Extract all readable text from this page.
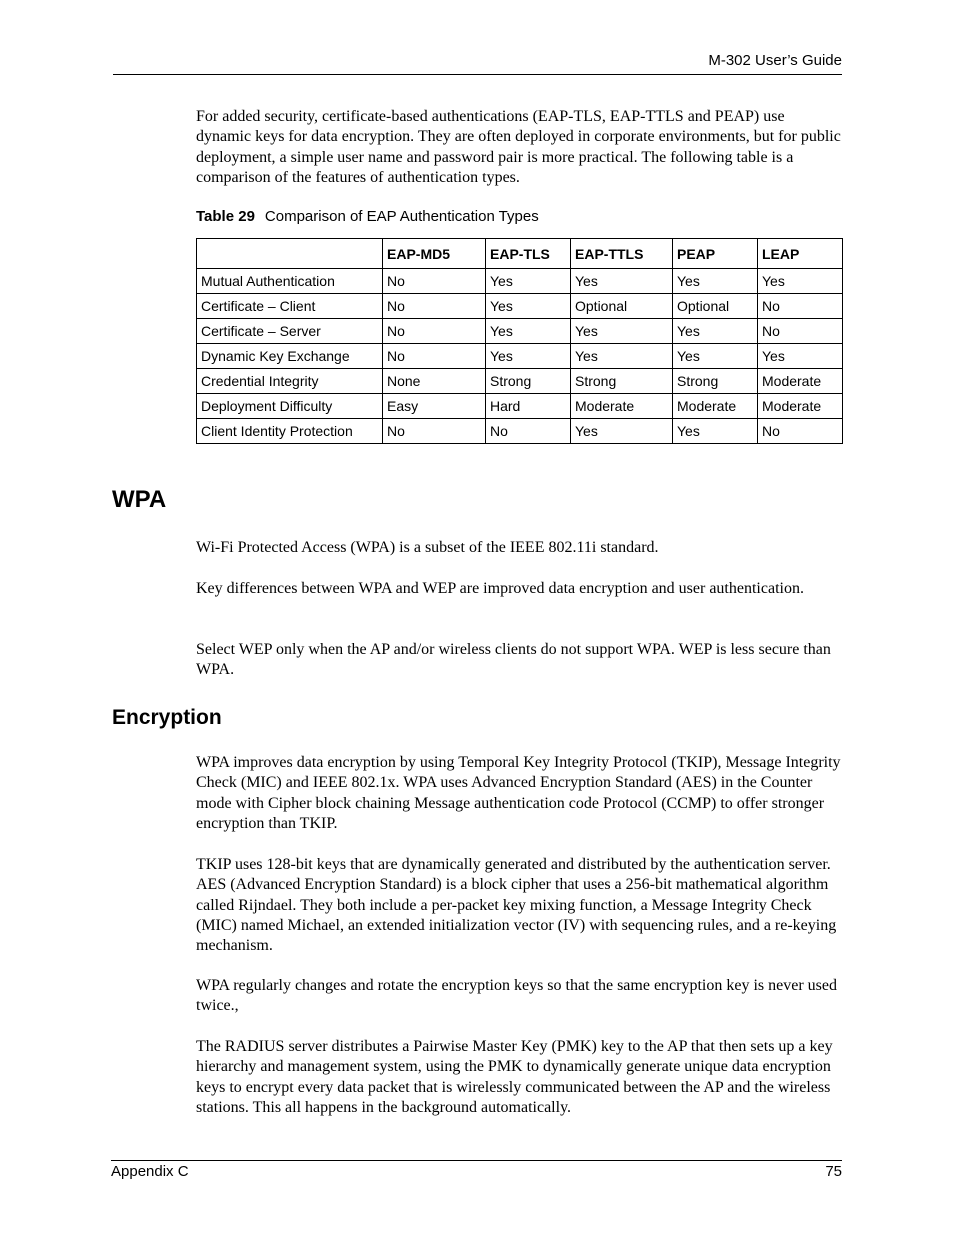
M-302 User’s Guide

For added security, certificate-based authentications (EAP-TLS, EAP-TTLS and PEAP) use dynamic keys for data encryption. They are often deployed in corporate environments, but for public deployment, a simple user name and password pair is more practical. The following table is a comparison of the features of authentication types.

Table 29 Comparison of EAP Authentication Types
	EAP-MD5	EAP-TLS	EAP-TTLS	PEAP	LEAP
Mutual Authentication	No	Yes	Yes	Yes	Yes
Certificate – Client	No	Yes	Optional	Optional	No
Certificate – Server	No	Yes	Yes	Yes	No
Dynamic Key Exchange	No	Yes	Yes	Yes	Yes
Credential Integrity	None	Strong	Strong	Strong	Moderate
Deployment Difficulty	Easy	Hard	Moderate	Moderate	Moderate
Client Identity Protection	No	No	Yes	Yes	No
WPA

Wi-Fi Protected Access (WPA) is a subset of the IEEE 802.11i standard.

Key differences between WPA and WEP are improved data encryption and user authentication.

Select WEP only when the AP and/or wireless clients do not support WPA. WEP is less secure than WPA.

Encryption

WPA improves data encryption by using Temporal Key Integrity Protocol (TKIP), Message Integrity Check (MIC) and IEEE 802.1x. WPA uses Advanced Encryption Standard (AES) in the Counter mode with Cipher block chaining Message authentication code Protocol (CCMP) to offer stronger encryption than TKIP.

TKIP uses 128-bit keys that are dynamically generated and distributed by the authentication server. AES (Advanced Encryption Standard) is a block cipher that uses a 256-bit mathematical algorithm called Rijndael. They both include a per-packet key mixing function, a Message Integrity Check (MIC) named Michael, an extended initialization vector (IV) with sequencing rules, and a re-keying mechanism.

WPA regularly changes and rotate the encryption keys so that the same encryption key is never used twice.,

The RADIUS server distributes a Pairwise Master Key (PMK) key to the AP that then sets up a key hierarchy and management system, using the PMK to dynamically generate unique data encryption keys to encrypt every data packet that is wirelessly communicated between the AP and the wireless stations. This all happens in the background automatically.

Appendix C	75
